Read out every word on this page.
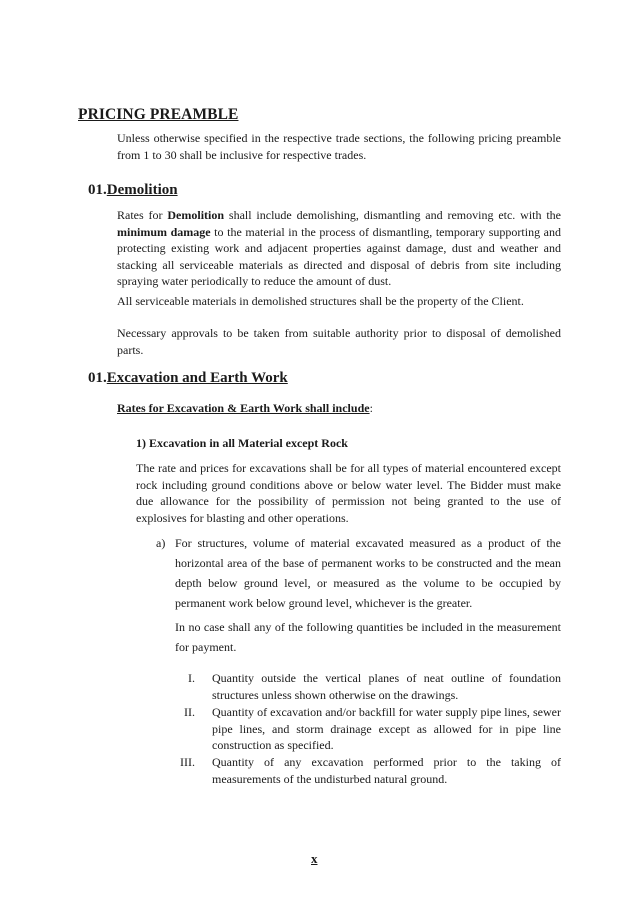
PRICING PREAMBLE

Unless otherwise specified in the respective trade sections, the following pricing preamble from 1 to 30 shall be inclusive for respective trades.

01.Demolition

Rates for Demolition shall include demolishing, dismantling and removing etc. with the minimum damage to the material in the process of dismantling, temporary supporting and protecting existing work and adjacent properties against damage, dust and weather and stacking all serviceable materials as directed and disposal of debris from site including spraying water periodically to reduce the amount of dust.

All serviceable materials in demolished structures shall be the property of the Client.

Necessary approvals to be taken from suitable authority prior to disposal of demolished parts.

01.Excavation and Earth Work
Rates for Excavation & Earth Work shall include:
1) Excavation in all Material except Rock

The rate and prices for excavations shall be for all types of material encountered except rock including ground conditions above or below water level. The Bidder must make due allowance for the possibility of permission not being granted to the use of explosives for blasting and other operations.

a) For structures, volume of material excavated measured as a product of the horizontal area of the base of permanent works to be constructed and the mean depth below ground level, or measured as the volume to be occupied by permanent work below ground level, whichever is the greater.

In no case shall any of the following quantities be included in the measurement for payment.

I. Quantity outside the vertical planes of neat outline of foundation structures unless shown otherwise on the drawings.
II. Quantity of excavation and/or backfill for water supply pipe lines, sewer pipe lines, and storm drainage except as allowed for in pipe line construction as specified.
III. Quantity of any excavation performed prior to the taking of measurements of the undisturbed natural ground.
x
